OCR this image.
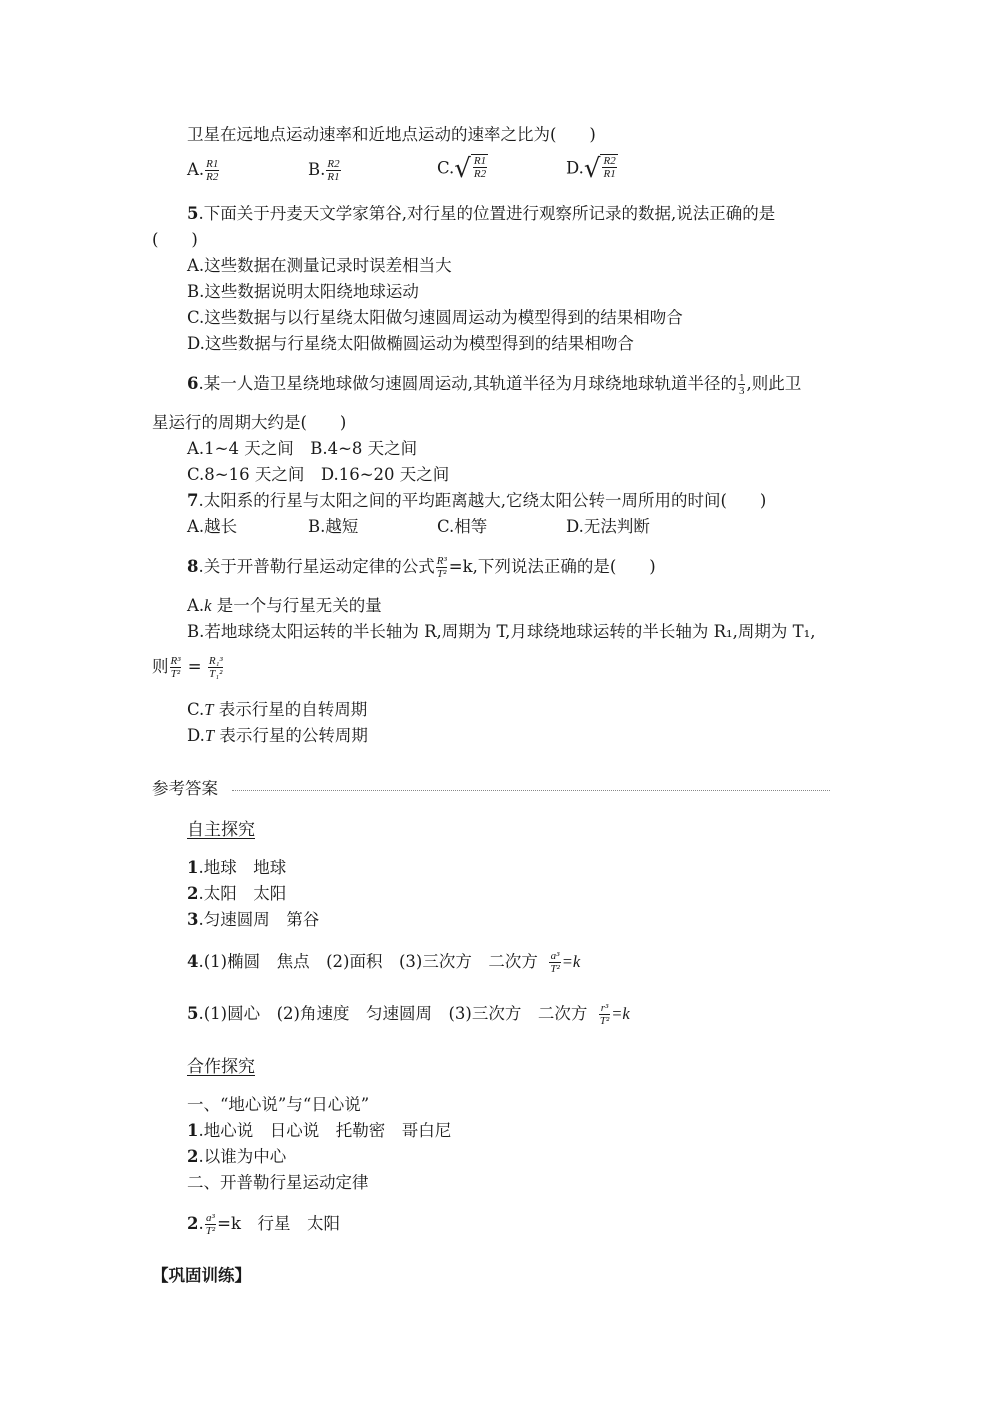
卫星在远地点运动速率和近地点运动的速率之比为(　　)
A. $\frac{R1}{R2}$	B. $\frac{R2}{R1}$	C. √ $\frac{R1}{R2}$	D. √ $\frac{R2}{R1}$
5.下面关于丹麦天文学家第谷,对行星的位置进行观察所记录的数据,说法正确的是
(　　)
A.这些数据在测量记录时误差相当大
B.这些数据说明太阳绕地球运动
C.这些数据与以行星绕太阳做匀速圆周运动为模型得到的结果相吻合
D.这些数据与行星绕太阳做椭圆运动为模型得到的结果相吻合
6.某一人造卫星绕地球做匀速圆周运动,其轨道半径为月球绕地球轨道半径的 $\frac{1}{3}$ ,则此卫
星运行的周期大约是(　　)
A.1~4 天之间　B.4~8 天之间
C.8~16 天之间　D.16~20 天之间
7.太阳系的行星与太阳之间的平均距离越大,它绕太阳公转一周所用的时间(　　)
A.越长	B.越短	C.相等	D.无法判断
8.关于开普勒行星运动定律的公式 $\frac{\text{R³}}{\text{T²}} =k$,下列说法正确的是(　　)
A.k 是一个与行星无关的量
B.若地球绕太阳运转的半长轴为 R,周期为 T,月球绕地球运转的半长轴为 R₁,周期为 T₁,
则 $\frac{\text{R³}}{\text{T²}} = \frac{\text{R₁³}}{\text{T₁²}}$
C.T 表示行星的自转周期
D.T 表示行星的公转周期
参考答案
自主探究
1.地球　地球
2.太阳　太阳
3.匀速圆周　第谷
4.(1)椭圆　焦点　(2)面积　(3)三次方　二次方 $\frac{\text{a³}}{\text{T²}} =k$
5.(1)圆心　(2)角速度　匀速圆周　(3)三次方　二次方 $\frac{\text{r³}}{\text{T²}} =k$
合作探究
一、“地心说”与“日心说”
1.地心说　日心说　托勒密　哥白尼
2.以谁为中心
二、开普勒行星运动定律
2. $\frac{\text{a³}}{\text{T²}} =k$　行星　太阳
【巩固训练】
